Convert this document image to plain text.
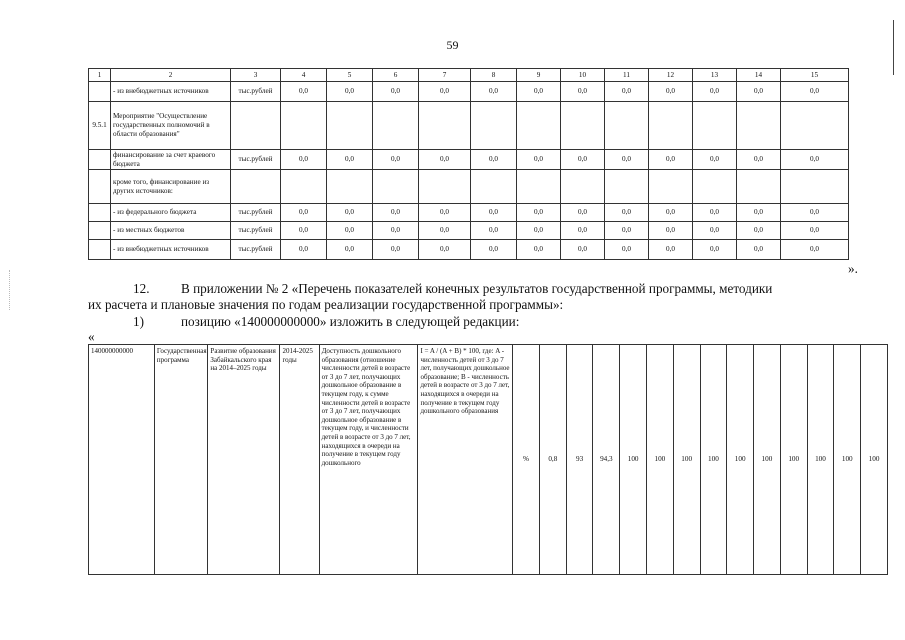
59
1	2	3	4	5	6	7	8	9	10	11	12	13	14	15
	- из внебюджетных источников	тыс.рублей	0,0	0,0	0,0	0,0	0,0	0,0	0,0	0,0	0,0	0,0	0,0	0,0
9.5.1	Мероприятие "Осуществление государственных полномочий в области образования"													
	финансирование за счет краевого бюджета	тыс.рублей	0,0	0,0	0,0	0,0	0,0	0,0	0,0	0,0	0,0	0,0	0,0	0,0
	кроме того, финансирование из других источников:													
	- из федерального бюджета	тыс.рублей	0,0	0,0	0,0	0,0	0,0	0,0	0,0	0,0	0,0	0,0	0,0	0,0
	- из местных бюджетов	тыс.рублей	0,0	0,0	0,0	0,0	0,0	0,0	0,0	0,0	0,0	0,0	0,0	0,0
	- из внебюджетных источников	тыс.рублей	0,0	0,0	0,0	0,0	0,0	0,0	0,0	0,0	0,0	0,0	0,0	0,0
».
12. В приложении № 2 «Перечень показателей конечных результатов государственной программы, методики
их расчета и плановые значения по годам реализации государственной программы»:
1)	позицию «140000000000» изложить в следующей редакции:
«
140000000000	Государственная программа	Развитие образования Забайкальского края на 2014–2025 годы	2014-2025 годы	Доступность дошкольного образования (отношение численности детей в возрасте от 3 до 7 лет, получающих дошкольное образование в текущем году, к сумме численности детей в возрасте от 3 до 7 лет, получающих дошкольное образование в текущем году, и численности детей в возрасте от 3 до 7 лет, находящихся в очереди на получение в текущем году дошкольного	I = A / (A + B) * 100, где: A - численность детей от 3 до 7 лет, получающих дошкольное образование; B - численность детей в возрасте от 3 до 7 лет, находящихся в очереди на получение в текущем году дошкольного образования	%	0,8	93	94,3	100	100	100	100	100	100	100	100	100	100
